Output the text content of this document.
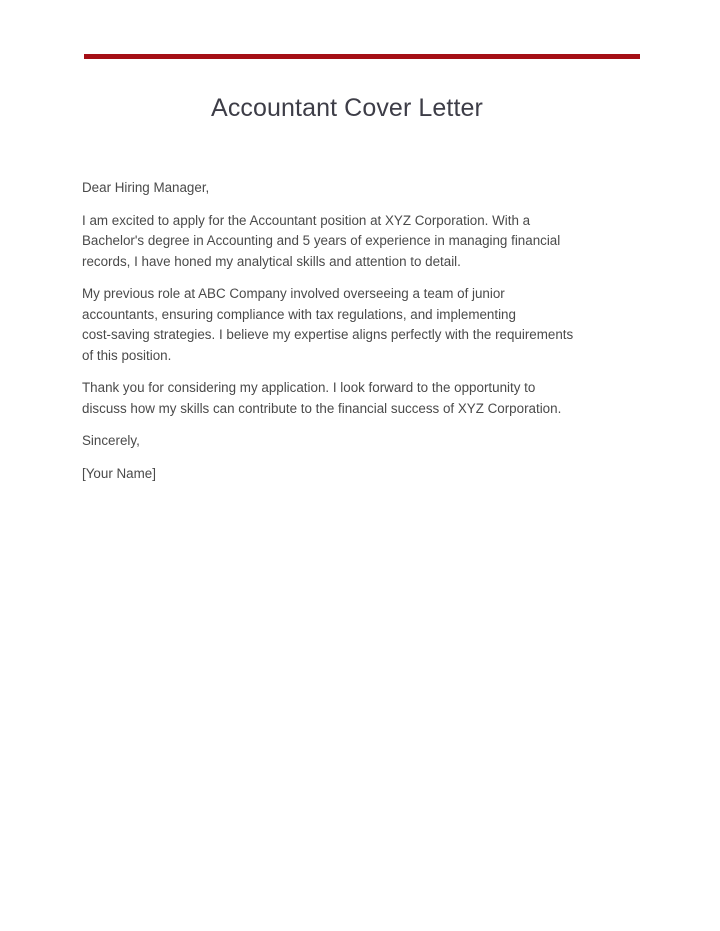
Accountant Cover Letter

Dear Hiring Manager,

I am excited to apply for the Accountant position at XYZ Corporation. With a
Bachelor's degree in Accounting and 5 years of experience in managing financial
records, I have honed my analytical skills and attention to detail.

My previous role at ABC Company involved overseeing a team of junior
accountants, ensuring compliance with tax regulations, and implementing
cost-saving strategies. I believe my expertise aligns perfectly with the requirements
of this position.

Thank you for considering my application. I look forward to the opportunity to
discuss how my skills can contribute to the financial success of XYZ Corporation.

Sincerely,

[Your Name]
